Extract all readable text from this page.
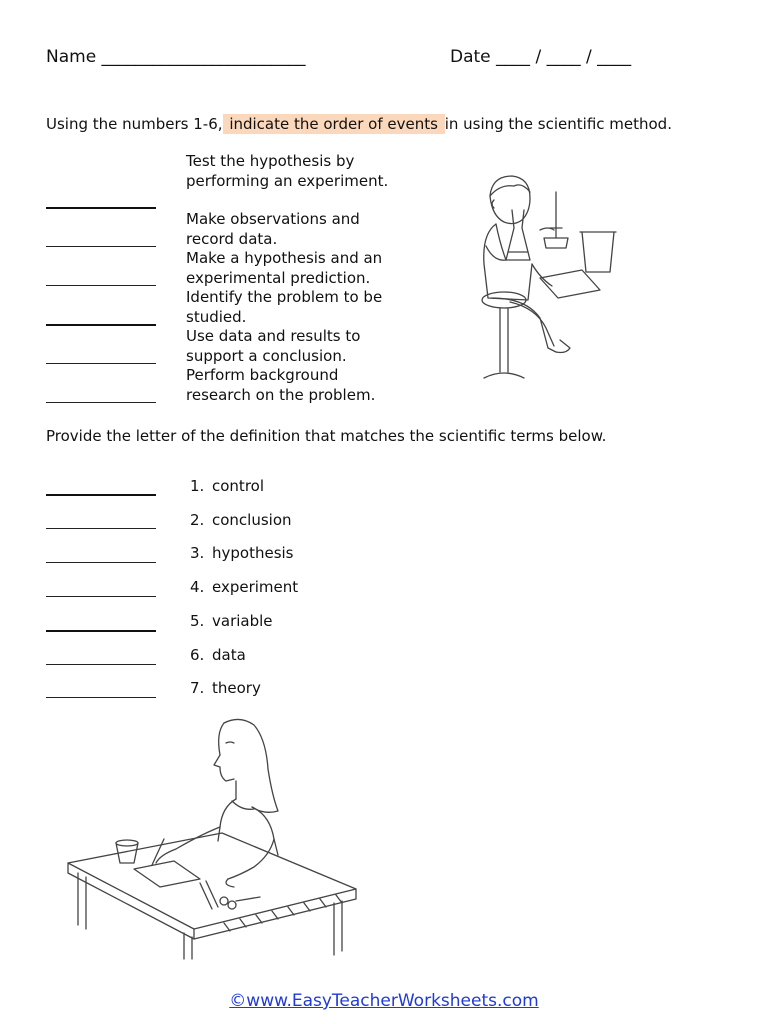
Name ________________________	Date ____ / ____ / ____
Using the numbers 1-6, indicate the order of events in using the scientific method.
Test the hypothesis by performing an experiment.
Make observations and record data.
Make a hypothesis and an experimental prediction.
Identify the problem to be studied.
Use data and results to support a conclusion.
Perform background research on the problem.
Provide the letter of the definition that matches the scientific terms below.
1. control
2. conclusion
3. hypothesis
4. experiment
5. variable
6. data
7. theory
©www.EasyTeacherWorksheets.com
